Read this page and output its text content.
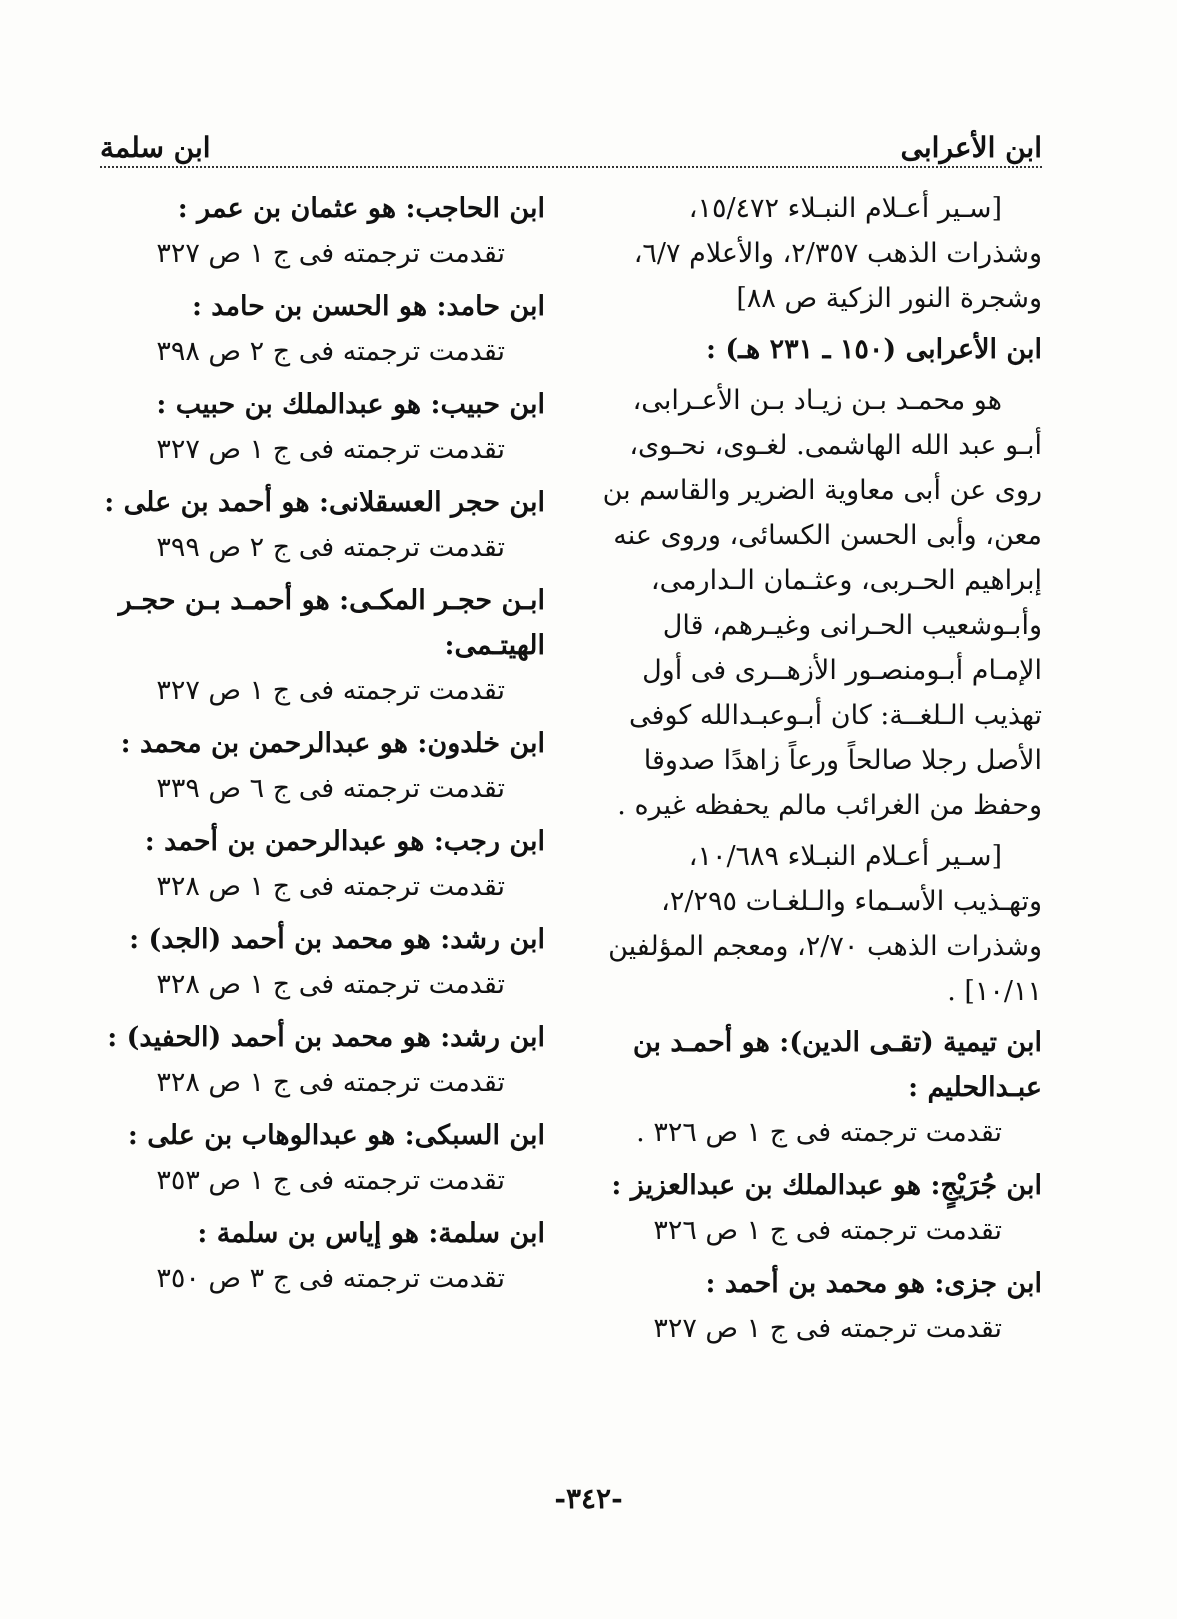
ابن الأعرابى
ابن سلمة

[سـير أعـلام النبـلاء ١٥/٤٧٢، وشذرات الذهب ٢/٣٥٧، والأعلام ٦/٧، وشجرة النور الزكية ص ٨٨]

ابن الأعرابى (١٥٠ ـ ٢٣١ هـ) :

هو محمـد بـن زيـاد بـن الأعـرابى، أبـو عبد الله الهاشمى. لغـوى، نحـوى، روى عن أبى معاوية الضرير والقاسم بن معن، وأبى الحسن الكسائى، وروى عنه إبراهيم الحـربى، وعثـمان الـدارمى، وأبـوشعيب الحـرانى وغيـرهم، قال الإمـام أبـومنصـور الأزهــرى فى أول تهذيب الـلغــة: كان أبـوعبـدالله كوفى الأصل رجلا صالحاً ورعاً زاهدًا صدوقا وحفظ من الغرائب مالم يحفظه غيره .

[سـير أعـلام النبـلاء ١٠/٦٨٩، وتهـذيب الأسـماء والـلغـات ٢/٢٩٥، وشذرات الذهب ٢/٧٠، ومعجم المؤلفين ١٠/١١] .

ابن تيمية (تقـى الدين): هو أحمـد بن عبـدالحليم :
تقدمت ترجمته فى ج ١ ص ٣٢٦ .
ابن جُرَيْجٍ: هو عبدالملك بن عبدالعزيز :
تقدمت ترجمته فى ج ١ ص ٣٢٦
ابن جزى: هو محمد بن أحمد :
تقدمت ترجمته فى ج ١ ص ٣٢٧
ابن الحاجب: هو عثمان بن عمر :
تقدمت ترجمته فى ج ١ ص ٣٢٧
ابن حامد: هو الحسن بن حامد :
تقدمت ترجمته فى ج ٢ ص ٣٩٨
ابن حبيب: هو عبدالملك بن حبيب :
تقدمت ترجمته فى ج ١ ص ٣٢٧
ابن حجر العسقلانى: هو أحمد بن على :
تقدمت ترجمته فى ج ٢ ص ٣٩٩
ابـن حجـر المكـى: هو أحمـد بـن حجـر الهيتـمى:
تقدمت ترجمته فى ج ١ ص ٣٢٧
ابن خلدون: هو عبدالرحمن بن محمد :
تقدمت ترجمته فى ج ٦ ص ٣٣٩
ابن رجب: هو عبدالرحمن بن أحمد :
تقدمت ترجمته فى ج ١ ص ٣٢٨
ابن رشد: هو محمد بن أحمد (الجد) :
تقدمت ترجمته فى ج ١ ص ٣٢٨
ابن رشد: هو محمد بن أحمد (الحفيد) :
تقدمت ترجمته فى ج ١ ص ٣٢٨
ابن السبكى: هو عبدالوهاب بن على :
تقدمت ترجمته فى ج ١ ص ٣٥٣
ابن سلمة: هو إياس بن سلمة :
تقدمت ترجمته فى ج ٣ ص ٣٥٠
-٣٤٢-
